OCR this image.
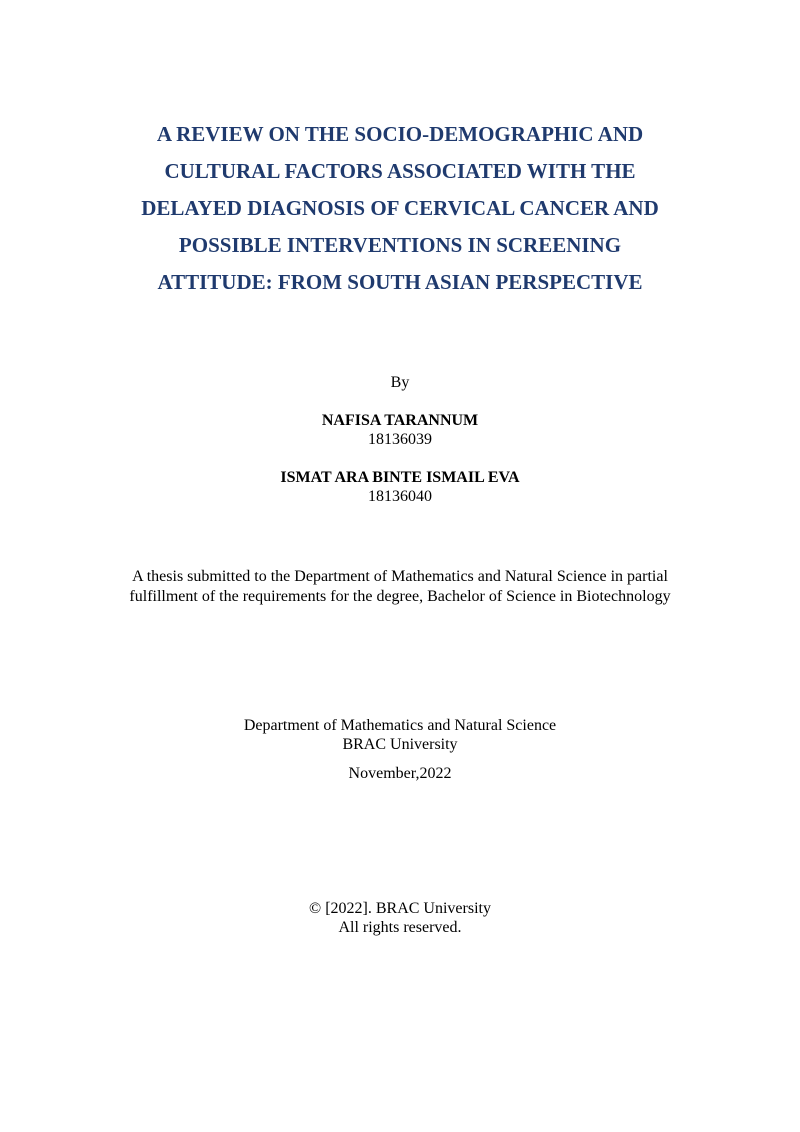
A REVIEW ON THE SOCIO-DEMOGRAPHIC AND
CULTURAL FACTORS ASSOCIATED WITH THE
DELAYED DIAGNOSIS OF CERVICAL CANCER AND
POSSIBLE INTERVENTIONS IN SCREENING
ATTITUDE: FROM SOUTH ASIAN PERSPECTIVE
By
NAFISA TARANNUM
18136039
ISMAT ARA BINTE ISMAIL EVA
18136040
A thesis submitted to the Department of Mathematics and Natural Science in partial
fulfillment of the requirements for the degree, Bachelor of Science in Biotechnology
Department of Mathematics and Natural Science
BRAC University
November,2022
© [2022]. BRAC University
All rights reserved.
